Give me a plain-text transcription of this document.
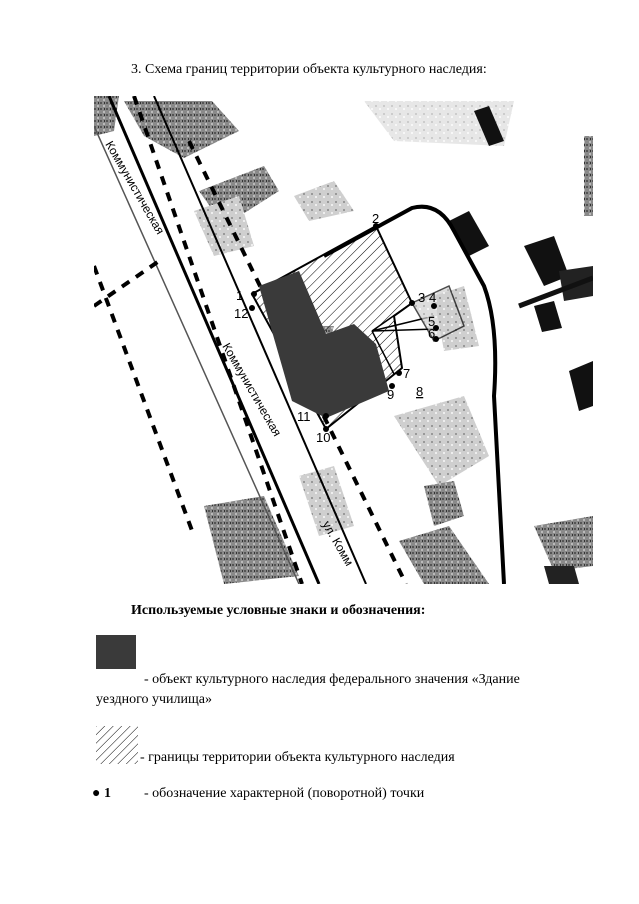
3. Схема границ территории объекта культурного наследия:
1
12
2
3 4
5
6
7
8
9
10
11
Коммунистическая
Коммунистическая
ул. Комм
Используемые условные знаки и обозначения:
- объект культурного наследия федерального значения «Здание уездного училища»
- границы территории объекта культурного наследия
● 1 - обозначение характерной (поворотной) точки
